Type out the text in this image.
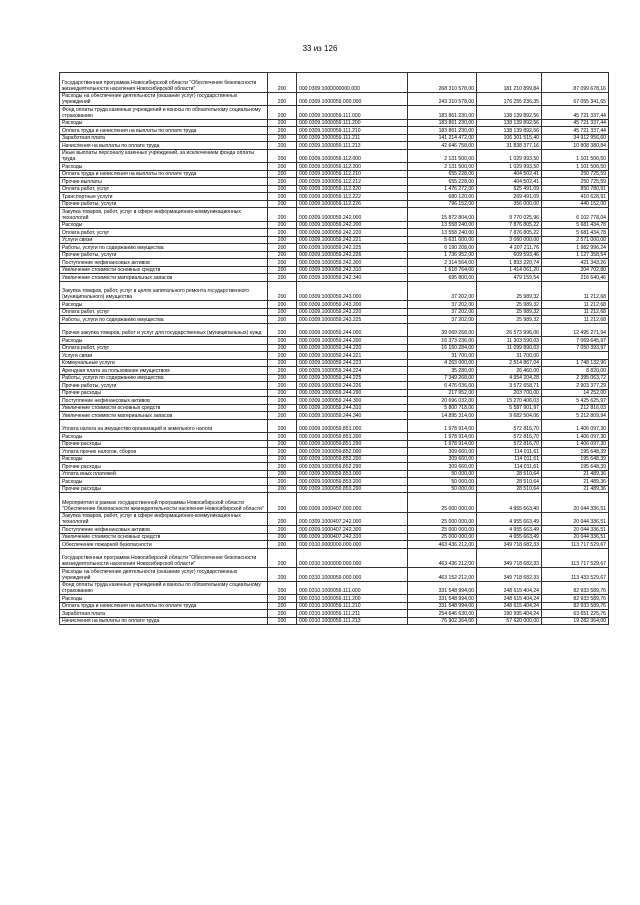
33 из 126
Государственная программа Новосибирской области "Обеспечение безопасности жизнедеятельности населения Новосибирской области"	200	000.0309.1000000000.000	268 310 578,00	181 210 899,84	87 099 678,16
Расходы на обеспечение деятельности (оказание услуг) государственных учреждений	200	000.0309.1000059.000.000	243 310 578,00	176 255 236,35	67 055 341,65
Фонд оплаты труда казенных учреждений и взносы по обязательному социальному страхованию	200	000.0309.1000059.111.000	183 861 230,00	138 139 892,56	45 721 337,44
Расходы	200	000.0309.1000059.111.200	183 861 230,00	138 139 892,56	45 721 337,44
Оплата труда и начисления на выплаты по оплате труда	200	000.0309.1000059.111.210	183 861 230,00	138 139 892,56	45 721 337,44
Заработная плата	200	000.0309.1000059.111.211	141 214 472,00	106 301 515,40	34 912 956,60
Начисления на выплаты по оплате труда	200	000.0309.1000059.111.213	42 646 758,00	31 838 377,16	10 808 380,84
Иные выплаты персоналу казенных учреждений, за исключением фонда оплаты труда	200	000.0309.1000059.112.000	2 131 500,00	1 029 993,50	1 101 506,50
Расходы	200	000.0309.1000059.112.200	2 131 500,00	1 029 993,50	1 101 506,50
Оплата труда и начисления на выплаты по оплате труда	200	000.0309.1000059.112.210	655 228,00	404 502,41	250 725,59
Прочие выплаты	200	000.0309.1000059.112.212	655 228,00	404 502,41	250 725,59
Оплата работ, услуг	200	000.0309.1000059.112.220	1 476 272,00	625 491,09	850 780,91
Транспортные услуги	200	000.0309.1000059.112.222	680 120,00	269 491,09	410 628,91
Прочие работы, услуги	200	000.0309.1000059.112.226	796 152,00	356 000,00	440 152,00
Закупка товаров, работ, услуг в сфере информационно-коммуникационных технологий	200	000.0309.1000059.242.000	15 872 804,00	9 770 025,96	6 102 778,04
Расходы	200	000.0309.1000059.242.200	13 558 240,00	7 876 805,22	5 681 434,78
Оплата работ, услуг	200	000.0309.1000059.242.220	13 558 240,00	7 876 805,22	5 681 434,78
Услуги связи	200	000.0309.1000059.242.221	5 631 000,00	3 060 000,00	2 571 000,00
Работы, услуги по содержанию имущества	200	000.0309.1000059.242.225	6 190 208,00	4 207 211,76	1 982 996,24
Прочие работы, услуги	200	000.0309.1000059.242.226	1 736 952,00	609 593,46	1 127 358,54
Поступление нефинансовых активов	200	000.0309.1000059.242.300	2 314 564,00	1 893 220,74	421 343,26
Увеличение стоимости основных средств	200	000.0309.1000059.242.310	1 618 764,00	1 414 061,20	204 702,80
Увеличение стоимости материальных запасов	200	000.0309.1000059.242.340	695 800,00	479 159,54	216 640,46
Закупка товаров, работ, услуг в целях капитального ремонта государственного (муниципального) имущества	200	000.0309.1000059.243.000	37 202,00	25 989,32	11 212,68
Расходы	200	000.0309.1000059.243.200	37 202,00	25 989,32	11 212,68
Оплата работ, услуг	200	000.0309.1000059.243.220	37 202,00	25 989,32	11 212,68
Работы, услуги по содержанию имущества	200	000.0309.1000059.243.225	37 202,00	25 989,32	11 212,68
Прочая закупка товаров, работ и услуг для государственных (муниципальных) нужд	200	000.0309.1000059.244.000	39 069 268,00	26 573 996,06	12 495 271,94
Расходы	200	000.0309.1000059.244.200	16 373 236,00	11 303 590,03	7 069 645,97
Оплата работ, услуг	200	000.0309.1000059.244.220	16 150 284,00	11 099 890,03	7 050 393,97
Услуги связи	200	000.0309.1000059.244.221	31 700,00	31 700,00	
Коммунальные услуги	200	000.0309.1000059.244.223	4 263 000,00	2 514 867,04	1 748 132,96
Арендная плата за пользование имуществом	200	000.0309.1000059.244.224	35 280,00	26 460,00	8 820,00
Работы, услуги по содержанию имущества	200	000.0309.1000059.244.225	7 349 268,00	4 954 204,28	2 395 063,72
Прочие работы, услуги	200	000.0309.1000059.244.226	6 476 036,00	3 572 658,71	2 903 377,29
Прочие расходы	200	000.0309.1000059.244.290	217 952,00	203 700,00	14 252,00
Поступление нефинансовых активов	200	000.0309.1000059.244.300	20 696 032,00	15 270 406,03	5 425 625,97
Увеличение стоимости основных средств	200	000.0309.1000059.244.310	5 800 718,00	5 587 901,97	212 816,03
Увеличение стоимости материальных запасов	200	000.0309.1000059.244.340	14 895 314,00	9 682 504,06	5 212 809,94
Уплата налога на имущество организаций и земельного налога	200	000.0309.1000059.851.000	1 978 914,00	572 816,70	1 406 097,30
Расходы	200	000.0309.1000059.851.200	1 978 914,00	572 816,70	1 406 097,30
Прочие расходы	200	000.0309.1000059.851.290	1 978 914,00	572 816,70	1 406 097,30
Уплата прочих налогов, сборов	200	000.0309.1000059.852.000	309 660,00	114 011,61	195 648,39
Расходы	200	000.0309.1000059.852.200	309 660,00	114 011,61	195 648,39
Прочие расходы	200	000.0309.1000059.852.290	309 660,00	114 011,61	195 648,39
Уплата иных платежей	200	000.0309.1000059.853.000	50 000,00	28 510,64	21 489,36
Расходы	200	000.0309.1000059.853.200	50 000,00	28 510,64	21 489,36
Прочие расходы	200	000.0309.1000059.853.290	50 000,00	28 510,64	21 489,36
Мероприятия в рамках государственной программы Новосибирской области "Обеспечение безопасности жизнедеятельности населения Новосибирской области"	200	000.0309.1000407.000.000	25 000 000,00	4 955 663,49	20 044 336,51
Закупка товаров, работ, услуг в сфере информационно-коммуникационных технологий	200	000.0309.1000407.242.000	25 000 000,00	4 955 663,49	20 044 336,51
Поступление нефинансовых активов	200	000.0309.1000407.242.300	25 000 000,00	4 955 663,49	20 044 336,51
Увеличение стоимости основных средств	200	000.0309.1000407.242.310	25 000 000,00	4 955 663,49	20 044 336,51
Обеспечение пожарной безопасности	200	000.0310.0000000.000.000	463 436 212,00	349 718 682,33	113 717 529,67
Государственная программа Новосибирской области "Обеспечение безопасности жизнедеятельности населения Новосибирской области"	200	000.0310.1000000.000.000	463 436 212,00	349 718 682,33	113 717 529,67
Расходы на обеспечение деятельности (оказание услуг) государственных учреждений	200	000.0310.1000059.000.000	463 152 212,00	349 718 682,33	113 433 529,67
Фонд оплаты труда казенных учреждений и взносы по обязательному социальному страхованию	200	000.0310.1000059.111.000	331 548 994,00	248 615 404,24	82 933 589,76
Расходы	200	000.0310.1000059.111.200	331 548 994,00	248 615 404,24	82 933 589,76
Оплата труда и начисления на выплаты по оплате труда	200	000.0310.1000059.111.210	331 548 994,00	248 615 404,24	82 933 589,76
Заработная плата	200	000.0310.1000059.111.211	254 646 630,00	190 995 404,24	63 651 225,76
Начисления на выплаты по оплате труда	200	000.0310.1000059.111.213	76 902 364,00	57 620 000,00	19 282 364,00
